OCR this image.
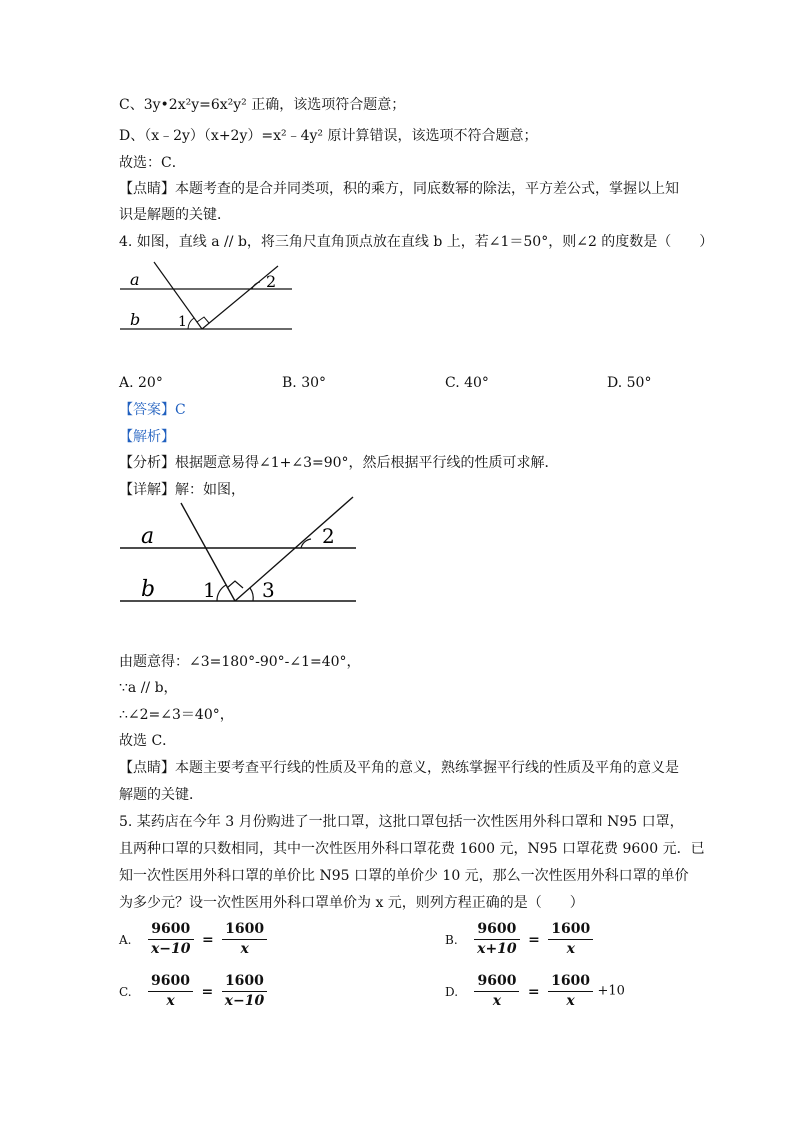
C、3y•2x²y=6x²y² 正确，该选项符合题意；
D、（x﹣2y）（x+2y）=x²﹣4y² 原计算错误，该选项不符合题意；
故选：C．
【点睛】本题考查的是合并同类项，积的乘方，同底数幂的除法，平方差公式，掌握以上知
识是解题的关键．
4. 如图，直线 a // b，将三角尺直角顶点放在直线 b 上，若∠1＝50°，则∠2 的度数是（　　）
a
b	1
2
A. 20°	B. 30°	C. 40°	D. 50°
【答案】C
【解析】
【分析】根据题意易得∠1+∠3=90°，然后根据平行线的性质可求解．
【详解】解：如图，
a
b 1
2
3
由题意得：∠3=180°-90°-∠1=40°，
∵a // b，
∴∠2=∠3＝40°，
故选 C．
【点睛】本题主要考查平行线的性质及平角的意义，熟练掌握平行线的性质及平角的意义是
解题的关键．
5. 某药店在今年 3 月份购进了一批口罩，这批口罩包括一次性医用外科口罩和 N95 口罩，
且两种口罩的只数相同，其中一次性医用外科口罩花费 1600 元，N95 口罩花费 9600 元．已
知一次性医用外科口罩的单价比 N95 口罩的单价少 10 元，那么一次性医用外科口罩的单价
为多少元？设一次性医用外科口罩单价为 x 元，则列方程正确的是（　　）
A. $\frac{9600}{x-10} = \frac{1600}{x}$	B. $\frac{9600}{x+10} = \frac{1600}{x}$
C. $\frac{9600}{x} = \frac{1600}{x-10}$	D. $\frac{9600}{x} = \frac{1600}{x} +10$
